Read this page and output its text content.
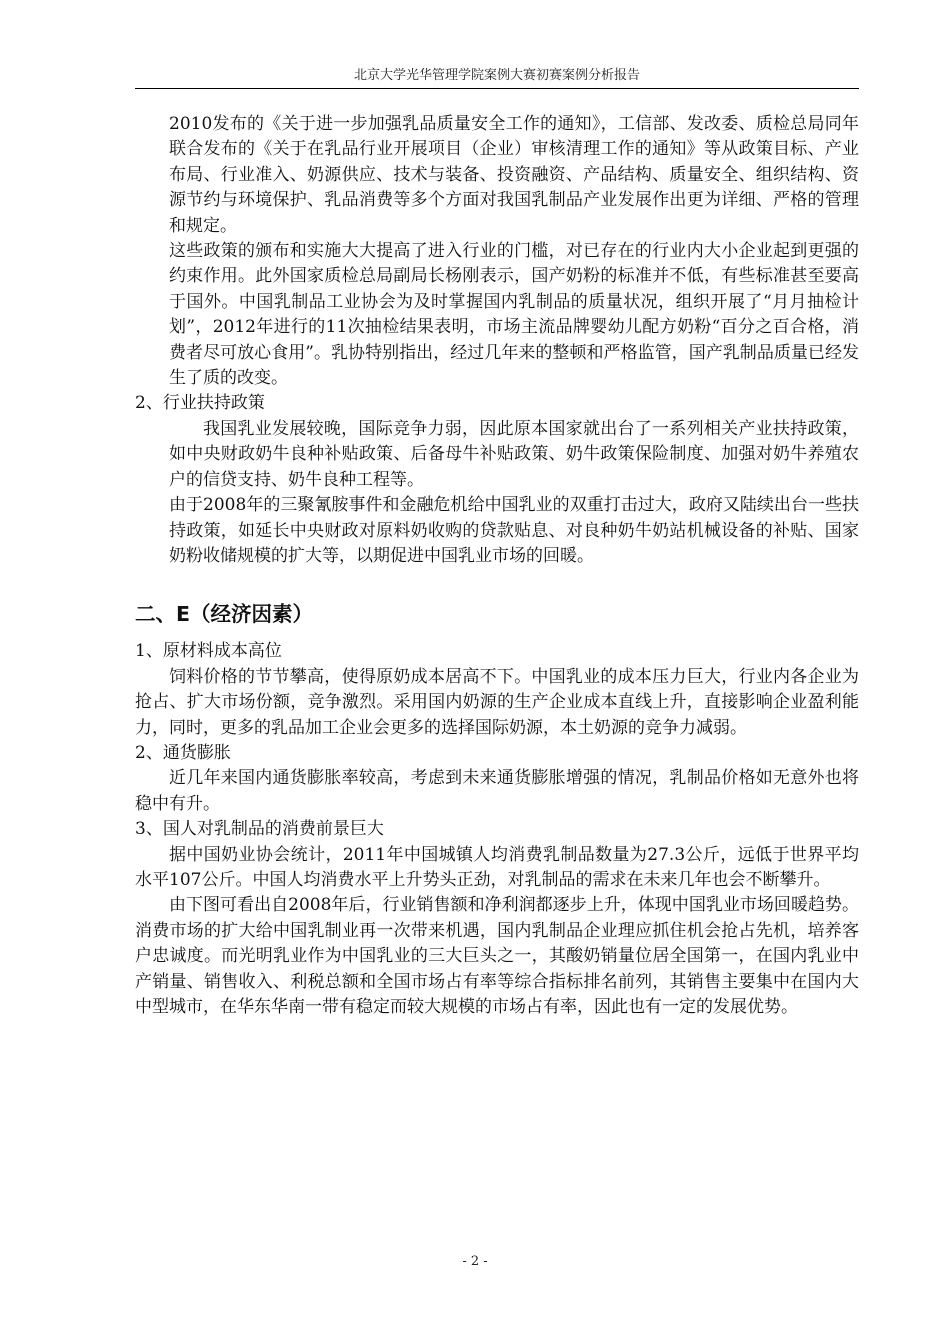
北京大学光华管理学院案例大赛初赛案例分析报告

2010发布的《关于进一步加强乳品质量安全工作的通知》，工信部、发改委、质检总局同年联合发布的《关于在乳品行业开展项目（企业）审核清理工作的通知》等从政策目标、产业布局、行业准入、奶源供应、技术与装备、投资融资、产品结构、质量安全、组织结构、资源节约与环境保护、乳品消费等多个方面对我国乳制品产业发展作出更为详细、严格的管理和规定。

这些政策的颁布和实施大大提高了进入行业的门槛，对已存在的行业内大小企业起到更强的约束作用。此外国家质检总局副局长杨刚表示，国产奶粉的标准并不低，有些标准甚至要高于国外。中国乳制品工业协会为及时掌握国内乳制品的质量状况，组织开展了“月月抽检计划”，2012年进行的11次抽检结果表明，市场主流品牌婴幼儿配方奶粉“百分之百合格，消费者尽可放心食用”。乳协特别指出，经过几年来的整顿和严格监管，国产乳制品质量已经发生了质的改变。

2、行业扶持政策

我国乳业发展较晚，国际竞争力弱，因此原本国家就出台了一系列相关产业扶持政策，如中央财政奶牛良种补贴政策、后备母牛补贴政策、奶牛政策保险制度、加强对奶牛养殖农户的信贷支持、奶牛良种工程等。

由于2008年的三聚氰胺事件和金融危机给中国乳业的双重打击过大，政府又陆续出台一些扶持政策，如延长中央财政对原料奶收购的贷款贴息、对良种奶牛奶站机械设备的补贴、国家奶粉收储规模的扩大等，以期促进中国乳业市场的回暖。

二、E（经济因素）

1、原材料成本高位

饲料价格的节节攀高，使得原奶成本居高不下。中国乳业的成本压力巨大，行业内各企业为抢占、扩大市场份额，竞争激烈。采用国内奶源的生产企业成本直线上升，直接影响企业盈利能力，同时，更多的乳品加工企业会更多的选择国际奶源，本土奶源的竞争力减弱。

2、通货膨胀

近几年来国内通货膨胀率较高，考虑到未来通货膨胀增强的情况，乳制品价格如无意外也将稳中有升。

3、国人对乳制品的消费前景巨大

据中国奶业协会统计，2011年中国城镇人均消费乳制品数量为27.3公斤，远低于世界平均水平107公斤。中国人均消费水平上升势头正劲，对乳制品的需求在未来几年也会不断攀升。

由下图可看出自2008年后，行业销售额和净利润都逐步上升，体现中国乳业市场回暖趋势。消费市场的扩大给中国乳制业再一次带来机遇，国内乳制品企业理应抓住机会抢占先机，培养客户忠诚度。而光明乳业作为中国乳业的三大巨头之一，其酸奶销量位居全国第一，在国内乳业中产销量、销售收入、利税总额和全国市场占有率等综合指标排名前列，其销售主要集中在国内大中型城市，在华东华南一带有稳定而较大规模的市场占有率，因此也有一定的发展优势。

- 2 -
